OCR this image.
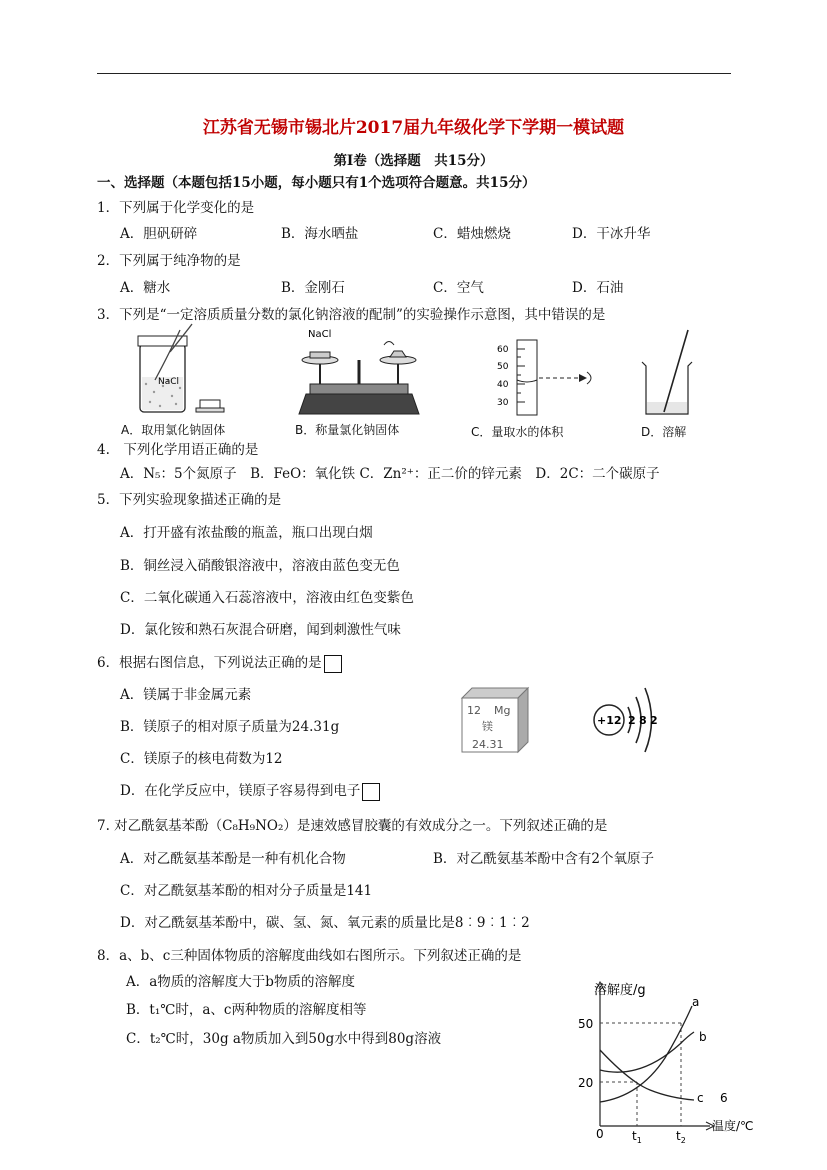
江苏省无锡市锡北片2017届九年级化学下学期一模试题
第Ⅰ卷（选择题　共15分）
一、选择题（本题包括15小题，每小题只有1个选项符合题意。共15分）
1．下列属于化学变化的是
A．胆矾研碎	B．海水晒盐	C．蜡烛燃烧	D．干冰升华
2．下列属于纯净物的是
A．糖水	B．金刚石	C．空气	D．石油
3．下列是“一定溶质质量分数的氯化钠溶液的配制”的实验操作示意图，其中错误的是
NaCl
A．取用氯化钠固体
NaCl
B．称量氯化钠固体
60
50
40
30
C．量取水的体积	D．溶解
4.　下列化学用语正确的是
A．N₅：5个氮原子　B．FeO：氧化铁 C．Zn²⁺：正二价的锌元素　D．2C：二个碳原子
5．下列实验现象描述正确的是
A．打开盛有浓盐酸的瓶盖，瓶口出现白烟
B．铜丝浸入硝酸银溶液中，溶液由蓝色变无色
C．二氧化碳通入石蕊溶液中，溶液由红色变紫色
D．氯化铵和熟石灰混合研磨，闻到刺激性气味
6．根据右图信息，下列说法正确的是
A．镁属于非金属元素
B．镁原子的相对原子质量为24.31g
C．镁原子的核电荷数为12
D．在化学反应中，镁原子容易得到电子
12 Mg
镁
24.31
+12 2 8 2
7. 对乙酰氨基苯酚（C₈H₉NO₂）是速效感冒胶囊的有效成分之一。下列叙述正确的是
A．对乙酰氨基苯酚是一种有机化合物	B．对乙酰氨基苯酚中含有2个氧原子
C．对乙酰氨基苯酚的相对分子质量是141
D．对乙酰氨基苯酚中，碳、氢、氮、氧元素的质量比是8︰9︰1︰2
8．a、b、c三种固体物质的溶解度曲线如右图所示。下列叙述正确的是
A．a物质的溶解度大于b物质的溶解度
B．t₁℃时，a、c两种物质的溶解度相等
C．t₂℃时，30g a物质加入到50g水中得到80g溶液
溶解度/g
50
20
0 $t_1$	$t_2$
温度/℃
a
b
c 6
